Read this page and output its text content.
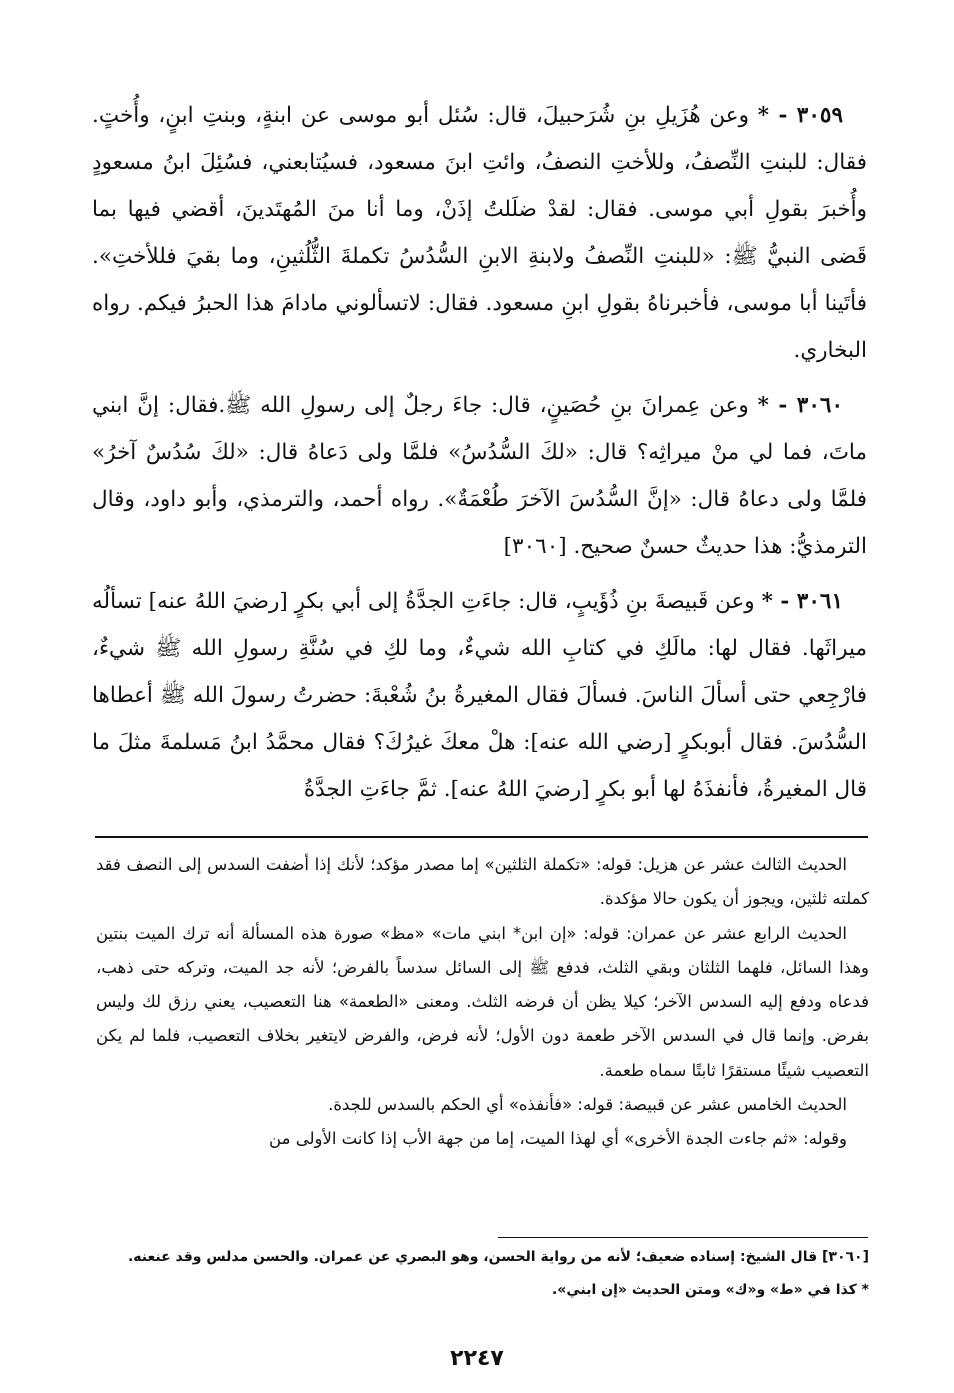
٣٠٥٩ - * وعن هُزَيلِ بنِ شُرَحبيلَ، قال: سُئل أبو موسى عن ابنةٍ، وبنتِ ابنٍ، وأُختٍ. فقال: للبنتِ النِّصفُ، وللأختِ النصفُ، وائتِ ابنَ مسعود، فسيُتابعني، فسُئِلَ ابنُ مسعودٍ وأُخبرَ بقولِ أبي موسى. فقال: لقدْ ضلَلتُ إذَنْ، وما أنا منَ المُهتَدينَ، أقضي فيها بما قَضى النبيُّ ﷺ: «للبنتِ النِّصفُ ولابنةِ الابنِ السُّدُسُ تكملةَ الثُّلُثينِ، وما بقيَ فللأختِ». فأتَينا أبا موسى، فأخبرناهُ بقولِ ابنِ مسعود. فقال: لاتسألوني مادامَ هذا الحبرُ فيكم. رواه البخاري.

٣٠٦٠ - * وعن عِمرانَ بنِ حُصَينٍ، قال: جاءَ رجلٌ إلى رسولِ الله ﷺ.فقال: إنَّ ابني ماتَ، فما لي منْ ميراثِه؟ قال: «لكَ السُّدُسُ» فلمَّا ولى دَعاهُ قال: «لكَ سُدُسٌ آخرُ» فلمَّا ولى دعاهُ قال: «إنَّ السُّدُسَ الآخرَ طُعْمَةٌ». رواه أحمد، والترمذي، وأبو داود، وقال الترمذيُّ: هذا حديثٌ حسنٌ صحيح. [٣٠٦٠]

٣٠٦١ - * وعن قَبيصةَ بنِ ذُؤَيبٍ، قال: جاءَتِ الجدَّةُ إلى أبي بكرٍ [رضيَ اللهُ عنه] تسألُه ميراثَها. فقال لها: مالَكِ في كتابِ الله شيءٌ، وما لكِ في سُنَّةِ رسولِ الله ﷺ شيءٌ، فارْجِعي حتى أسألَ الناسَ. فسألَ فقال المغيرةُ بنُ شُعْبةَ: حضرتُ رسولَ الله ﷺ أعطاها السُّدُسَ. فقال أبوبكرٍ [رضي الله عنه]: هلْ معكَ غيرُكَ؟ فقال محمَّدُ ابنُ مَسلمةَ مثلَ ما قال المغيرةُ، فأنفذَهُ لها أبو بكرٍ [رضيَ اللهُ عنه]. ثمَّ جاءَتِ الجدَّةُ

الحديث الثالث عشر عن هزيل: قوله: «تكملة الثلثين» إما مصدر مؤكد؛ لأنك إذا أضفت السدس إلى النصف فقد كملته ثلثين، ويجوز أن يكون حالا مؤكدة.

الحديث الرابع عشر عن عمران: قوله: «إن ابن* ابني مات» «مظ» صورة هذه المسألة أنه ترك الميت بنتين وهذا السائل، فلهما الثلثان وبقي الثلث، فدفع ﷺ إلى السائل سدساً بالفرض؛ لأنه جد الميت، وتركه حتى ذهب، فدعاه ودفع إليه السدس الآخر؛ كيلا يظن أن فرضه الثلث. ومعنى «الطعمة» هنا التعصيب، يعني رزق لك وليس بفرض. وإنما قال في السدس الآخر طعمة دون الأول؛ لأنه فرض، والفرض لايتغير بخلاف التعصيب، فلما لم يكن التعصيب شيئًا مستقرًا ثابتًا سماه طعمة.

الحديث الخامس عشر عن قبيصة: قوله: «فأنفذه» أي الحكم بالسدس للجدة.

وقوله: «ثم جاءت الجدة الأخرى» أي لهذا الميت، إما من جهة الأب إذا كانت الأولى من

[٣٠٦٠] قال الشيخ: إسناده ضعيف؛ لأنه من رواية الحسن، وهو البصري عن عمران. والحسن مدلس وقد عنعنه.

* كذا في «ط» و«ك» ومتن الحديث «إن ابني».

٢٢٤٧
